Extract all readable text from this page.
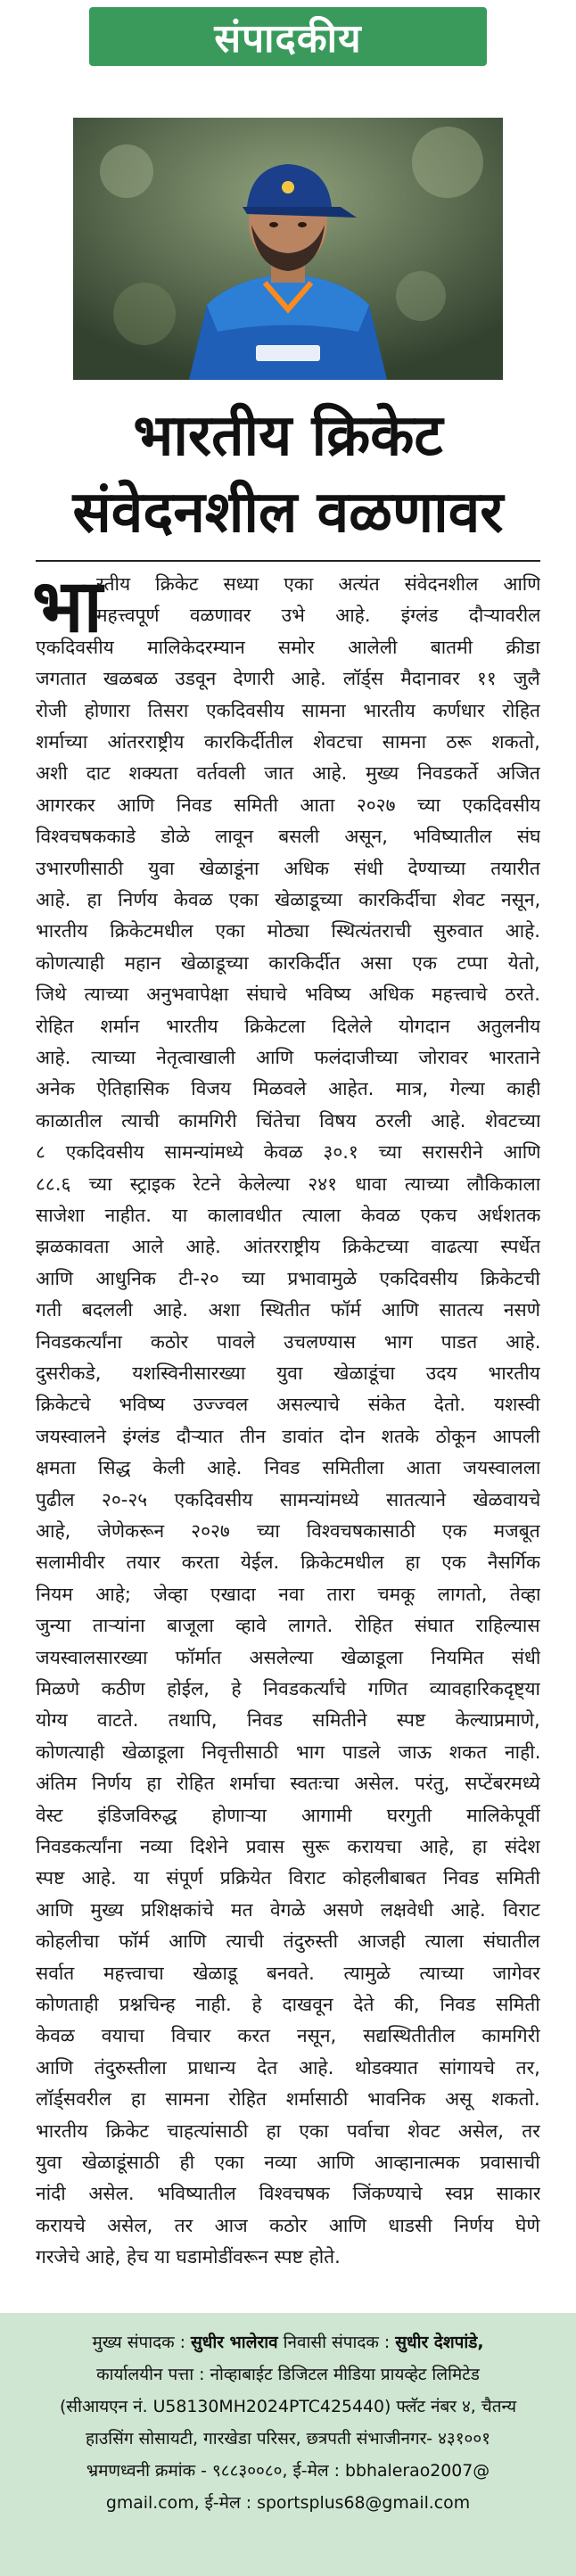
संपादकीय
भारतीय क्रिकेट
संवेदनशील वळणावर
भा
रतीय क्रिकेट सध्या एका अत्यंत संवेदनशील आणि
महत्त्वपूर्ण वळणावर उभे आहे. इंग्लंड दौऱ्यावरील
एकदिवसीय मालिकेदरम्यान समोर आलेली बातमी क्रीडा
जगतात खळबळ उडवून देणारी आहे. लॉर्ड्स मैदानावर ११ जुलै
रोजी होणारा तिसरा एकदिवसीय सामना भारतीय कर्णधार रोहित
शर्माच्या आंतरराष्ट्रीय कारकिर्दीतील शेवटचा सामना ठरू शकतो,
अशी दाट शक्यता वर्तवली जात आहे. मुख्य निवडकर्ते अजित
आगरकर आणि निवड समिती आता २०२७ च्या एकदिवसीय
विश्वचषककाडे डोळे लावून बसली असून, भविष्यातील संघ
उभारणीसाठी युवा खेळाडूंना अधिक संधी देण्याच्या तयारीत
आहे. हा निर्णय केवळ एका खेळाडूच्या कारकिर्दीचा शेवट नसून,
भारतीय क्रिकेटमधील एका मोठ्या स्थित्यंतराची सुरुवात आहे.
कोणत्याही महान खेळाडूच्या कारकिर्दीत असा एक टप्पा येतो,
जिथे त्याच्या अनुभवापेक्षा संघाचे भविष्य अधिक महत्त्वाचे ठरते.
रोहित शर्मान भारतीय क्रिकेटला दिलेले योगदान अतुलनीय
आहे. त्याच्या नेतृत्वाखाली आणि फलंदाजीच्या जोरावर भारताने
अनेक ऐतिहासिक विजय मिळवले आहेत. मात्र, गेल्या काही
काळातील त्याची कामगिरी चिंतेचा विषय ठरली आहे. शेवटच्या
८ एकदिवसीय सामन्यांमध्ये केवळ ३०.१ च्या सरासरीने आणि
८८.६ च्या स्ट्राइक रेटने केलेल्या २४१ धावा त्याच्या लौकिकाला
साजेशा नाहीत. या कालावधीत त्याला केवळ एकच अर्धशतक
झळकावता आले आहे. आंतरराष्ट्रीय क्रिकेटच्या वाढत्या स्पर्धेत
आणि आधुनिक टी-२० च्या प्रभावामुळे एकदिवसीय क्रिकेटची
गती बदलली आहे. अशा स्थितीत फॉर्म आणि सातत्य नसणे
निवडकर्त्यांना कठोर पावले उचलण्यास भाग पाडत आहे.
दुसरीकडे, यशस्विनीसारख्या युवा खेळाडूंचा उदय भारतीय
क्रिकेटचे भविष्य उज्ज्वल असल्याचे संकेत देतो. यशस्वी
जयस्वालने इंग्लंड दौऱ्यात तीन डावांत दोन शतके ठोकून आपली
क्षमता सिद्ध केली आहे. निवड समितीला आता जयस्वालला
पुढील २०-२५ एकदिवसीय सामन्यांमध्ये सातत्याने खेळवायचे
आहे, जेणेकरून २०२७ च्या विश्वचषकासाठी एक मजबूत
सलामीवीर तयार करता येईल. क्रिकेटमधील हा एक नैसर्गिक
नियम आहे; जेव्हा एखादा नवा तारा चमकू लागतो, तेव्हा
जुन्या ताऱ्यांना बाजूला व्हावे लागते. रोहित संघात राहिल्यास
जयस्वालसारख्या फॉर्मात असलेल्या खेळाडूला नियमित संधी
मिळणे कठीण होईल, हे निवडकर्त्यांचे गणित व्यावहारिकदृष्ट्या
योग्य वाटते. तथापि, निवड समितीने स्पष्ट केल्याप्रमाणे,
कोणत्याही खेळाडूला निवृत्तीसाठी भाग पाडले जाऊ शकत नाही.
अंतिम निर्णय हा रोहित शर्माचा स्वतःचा असेल. परंतु, सप्टेंबरमध्ये
वेस्ट इंडिजविरुद्ध होणाऱ्या आगामी घरगुती मालिकेपूर्वी
निवडकर्त्यांना नव्या दिशेने प्रवास सुरू करायचा आहे, हा संदेश
स्पष्ट आहे. या संपूर्ण प्रक्रियेत विराट कोहलीबाबत निवड समिती
आणि मुख्य प्रशिक्षकांचे मत वेगळे असणे लक्षवेधी आहे. विराट
कोहलीचा फॉर्म आणि त्याची तंदुरुस्ती आजही त्याला संघातील
सर्वात महत्त्वाचा खेळाडू बनवते. त्यामुळे त्याच्या जागेवर
कोणताही प्रश्नचिन्ह नाही. हे दाखवून देते की, निवड समिती
केवळ वयाचा विचार करत नसून, सद्यस्थितीतील कामगिरी
आणि तंदुरुस्तीला प्राधान्य देत आहे. थोडक्यात सांगायचे तर,
लॉर्ड्सवरील हा सामना रोहित शर्मासाठी भावनिक असू शकतो.
भारतीय क्रिकेट चाहत्यांसाठी हा एका पर्वाचा शेवट असेल, तर
युवा खेळाडूंसाठी ही एका नव्या आणि आव्हानात्मक प्रवासाची
नांदी असेल. भविष्यातील विश्वचषक जिंकण्याचे स्वप्न साकार
करायचे असेल, तर आज कठोर आणि धाडसी निर्णय घेणे
गरजेचे आहे, हेच या घडामोडींवरून स्पष्ट होते.
मुख्य संपादक : सुधीर भालेराव निवासी संपादक : सुधीर देशपांडे,
कार्यालयीन पत्ता : नोव्हाबाईट डिजिटल मीडिया प्रायव्हेट लिमिटेड
(सीआयएन नं. U58130MH2024PTC425440) फ्लॅट नंबर ४, चैतन्य
हाउसिंग सोसायटी, गारखेडा परिसर, छत्रपती संभाजीनगर- ४३१००१
भ्रमणध्वनी क्रमांक - ९८८३००८०, ई-मेल : bbhalerao2007@
gmail.com, ई-मेल : sportsplus68@gmail.com
